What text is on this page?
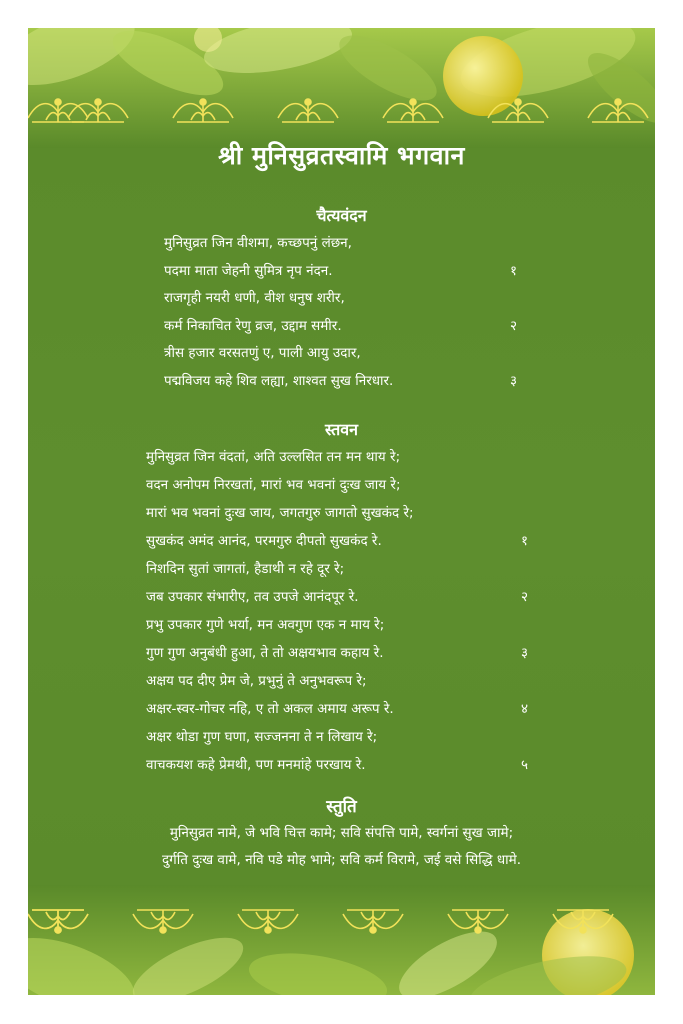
श्री मुनिसुव्रतस्वामि भगवान
चैत्यवंदन
मुनिसुव्रत जिन वीशमा, कच्छपनुं लंछन,
पदमा माता जेहनी सुमित्र नृप नंदन.	१
राजगृही नयरी धणी, वीश धनुष शरीर,
कर्म निकाचित रेणु व्रज, उद्दाम समीर.	२
त्रीस हजार वरसतणुं ए, पाली आयु उदार,
पद्मविजय कहे शिव लह्या, शाश्वत सुख निरधार.	३
स्तवन
मुनिसुव्रत जिन वंदतां, अति उल्लसित तन मन थाय रे;
वदन अनोपम निरखतां, मारां भव भवनां दुःख जाय रे;
मारां भव भवनां दुःख जाय, जगतगुरु जागतो सुखकंद रे;
सुखकंद अमंद आनंद, परमगुरु दीपतो सुखकंद रे.	१
निशदिन सुतां जागतां, हैडाथी न रहे दूर रे;
जब उपकार संभारीए, तव उपजे आनंदपूर रे.	२
प्रभु उपकार गुणे भर्या, मन अवगुण एक न माय रे;
गुण गुण अनुबंधी हुआ, ते तो अक्षयभाव कहाय रे.	३
अक्षय पद दीए प्रेम जे, प्रभुनुं ते अनुभवरूप रे;
अक्षर-स्वर-गोचर नहि, ए तो अकल अमाय अरूप रे.	४
अक्षर थोडा गुण घणा, सज्जनना ते न लिखाय रे;
वाचकयश कहे प्रेमथी, पण मनमांहे परखाय रे.	५
स्तुति
मुनिसुव्रत नामे, जे भवि चित्त कामे; सवि संपत्ति पामे, स्वर्गनां सुख जामे;
दुर्गति दुःख वामे, नवि पडे मोह भामे; सवि कर्म विरामे, जई वसे सिद्धि धामे.
